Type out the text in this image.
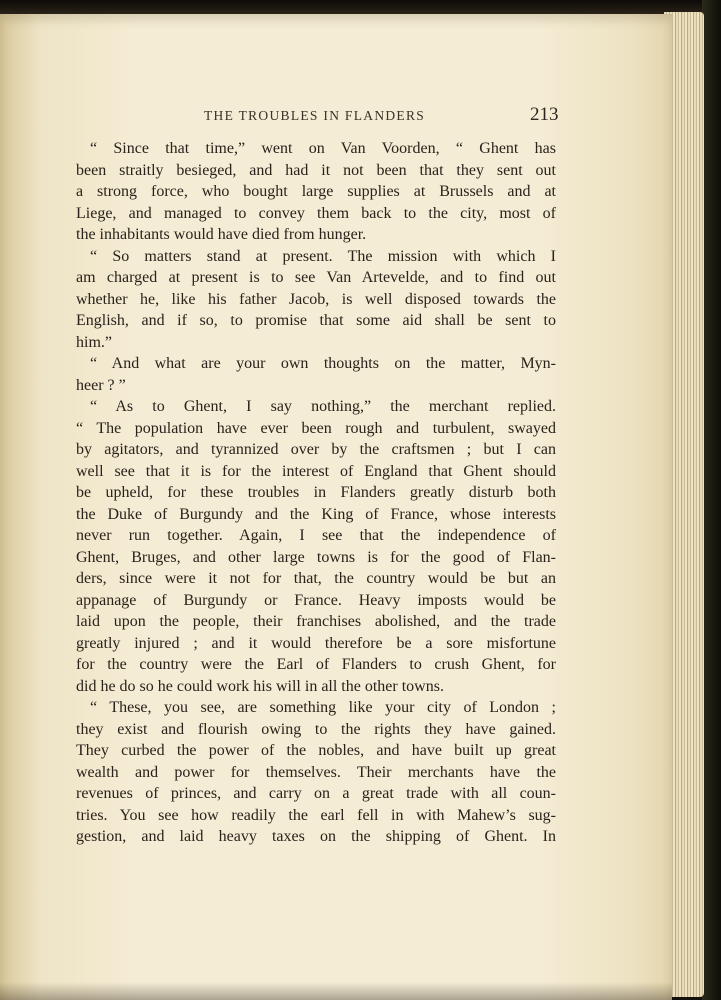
THE TROUBLES IN FLANDERS	213
“ Since that time,” went on Van Voorden, “ Ghent has
been straitly besieged, and had it not been that they sent out
a strong force, who bought large supplies at Brussels and at
Liege, and managed to convey them back to the city, most of
the inhabitants would have died from hunger.
“ So matters stand at present. The mission with which I
am charged at present is to see Van Artevelde, and to find out
whether he, like his father Jacob, is well disposed towards the
English, and if so, to promise that some aid shall be sent to
him.”
“ And what are your own thoughts on the matter, Myn-
heer ? ”
“ As to Ghent, I say nothing,” the merchant replied.
“ The population have ever been rough and turbulent, swayed
by agitators, and tyrannized over by the craftsmen ; but I can
well see that it is for the interest of England that Ghent should
be upheld, for these troubles in Flanders greatly disturb both
the Duke of Burgundy and the King of France, whose interests
never run together. Again, I see that the independence of
Ghent, Bruges, and other large towns is for the good of Flan-
ders, since were it not for that, the country would be but an
appanage of Burgundy or France. Heavy imposts would be
laid upon the people, their franchises abolished, and the trade
greatly injured ; and it would therefore be a sore misfortune
for the country were the Earl of Flanders to crush Ghent, for
did he do so he could work his will in all the other towns.
“ These, you see, are something like your city of London ;
they exist and flourish owing to the rights they have gained.
They curbed the power of the nobles, and have built up great
wealth and power for themselves. Their merchants have the
revenues of princes, and carry on a great trade with all coun-
tries. You see how readily the earl fell in with Mahew’s sug-
gestion, and laid heavy taxes on the shipping of Ghent. In
